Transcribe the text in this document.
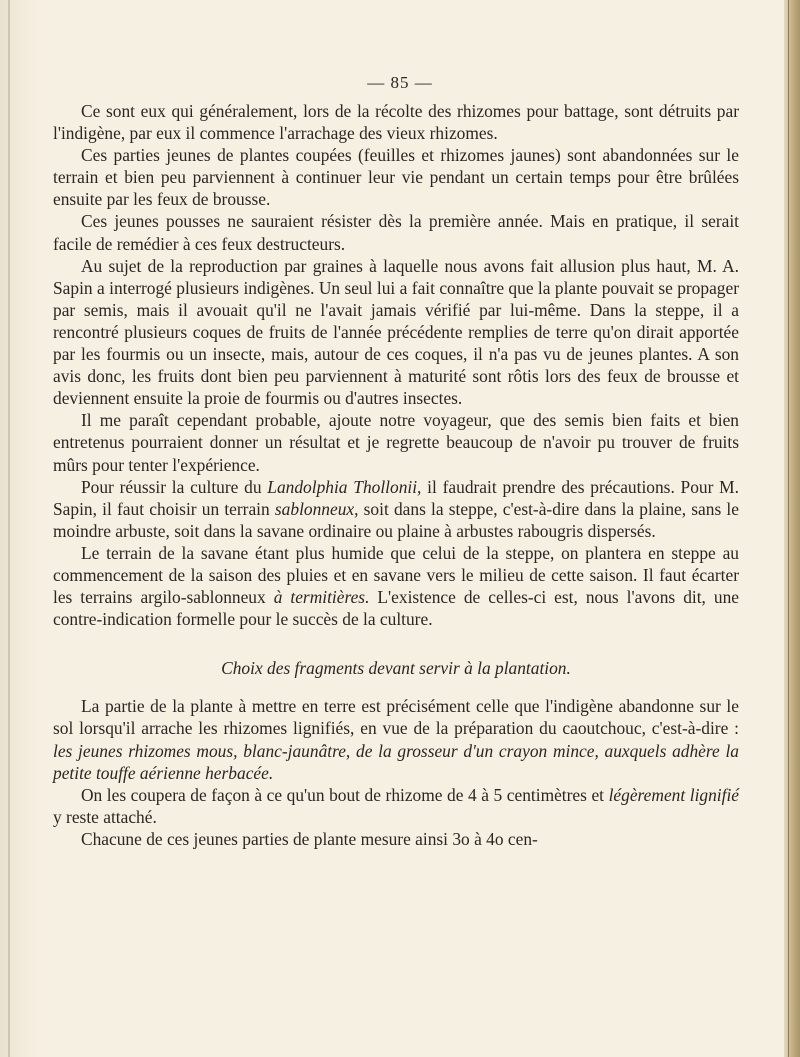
— 85 —

Ce sont eux qui généralement, lors de la récolte des rhizomes pour battage, sont détruits par l'indigène, par eux il commence l'arrachage des vieux rhizomes.

Ces parties jeunes de plantes coupées (feuilles et rhizomes jaunes) sont abandonnées sur le terrain et bien peu parviennent à continuer leur vie pendant un certain temps pour être brûlées ensuite par les feux de brousse.

Ces jeunes pousses ne sauraient résister dès la première année. Mais en pratique, il serait facile de remédier à ces feux destructeurs.

Au sujet de la reproduction par graines à laquelle nous avons fait allusion plus haut, M. A. Sapin a interrogé plusieurs indigènes. Un seul lui a fait connaître que la plante pouvait se propager par semis, mais il avouait qu'il ne l'avait jamais vérifié par lui-même. Dans la steppe, il a rencontré plusieurs coques de fruits de l'année précédente remplies de terre qu'on dirait apportée par les fourmis ou un insecte, mais, autour de ces coques, il n'a pas vu de jeunes plantes. A son avis donc, les fruits dont bien peu parviennent à maturité sont rôtis lors des feux de brousse et deviennent ensuite la proie de fourmis ou d'autres insectes.

Il me paraît cependant probable, ajoute notre voyageur, que des semis bien faits et bien entretenus pourraient donner un résultat et je regrette beaucoup de n'avoir pu trouver de fruits mûrs pour tenter l'expérience.

Pour réussir la culture du Landolphia Thollonii, il faudrait prendre des précautions. Pour M. Sapin, il faut choisir un terrain sablonneux, soit dans la steppe, c'est-à-dire dans la plaine, sans le moindre arbuste, soit dans la savane ordinaire ou plaine à arbustes rabougris dispersés.

Le terrain de la savane étant plus humide que celui de la steppe, on plantera en steppe au commencement de la saison des pluies et en savane vers le milieu de cette saison. Il faut écarter les terrains argilo-sablonneux à termitières. L'existence de celles-ci est, nous l'avons dit, une contre-indication formelle pour le succès de la culture.

Choix des fragments devant servir à la plantation.

La partie de la plante à mettre en terre est précisément celle que l'indigène abandonne sur le sol lorsqu'il arrache les rhizomes lignifiés, en vue de la préparation du caoutchouc, c'est-à-dire : les jeunes rhizomes mous, blanc-jaunâtre, de la grosseur d'un crayon mince, auxquels adhère la petite touffe aérienne herbacée.

On les coupera de façon à ce qu'un bout de rhizome de 4 à 5 centimètres et légèrement lignifié y reste attaché.

Chacune de ces jeunes parties de plante mesure ainsi 3o à 4o cen-
